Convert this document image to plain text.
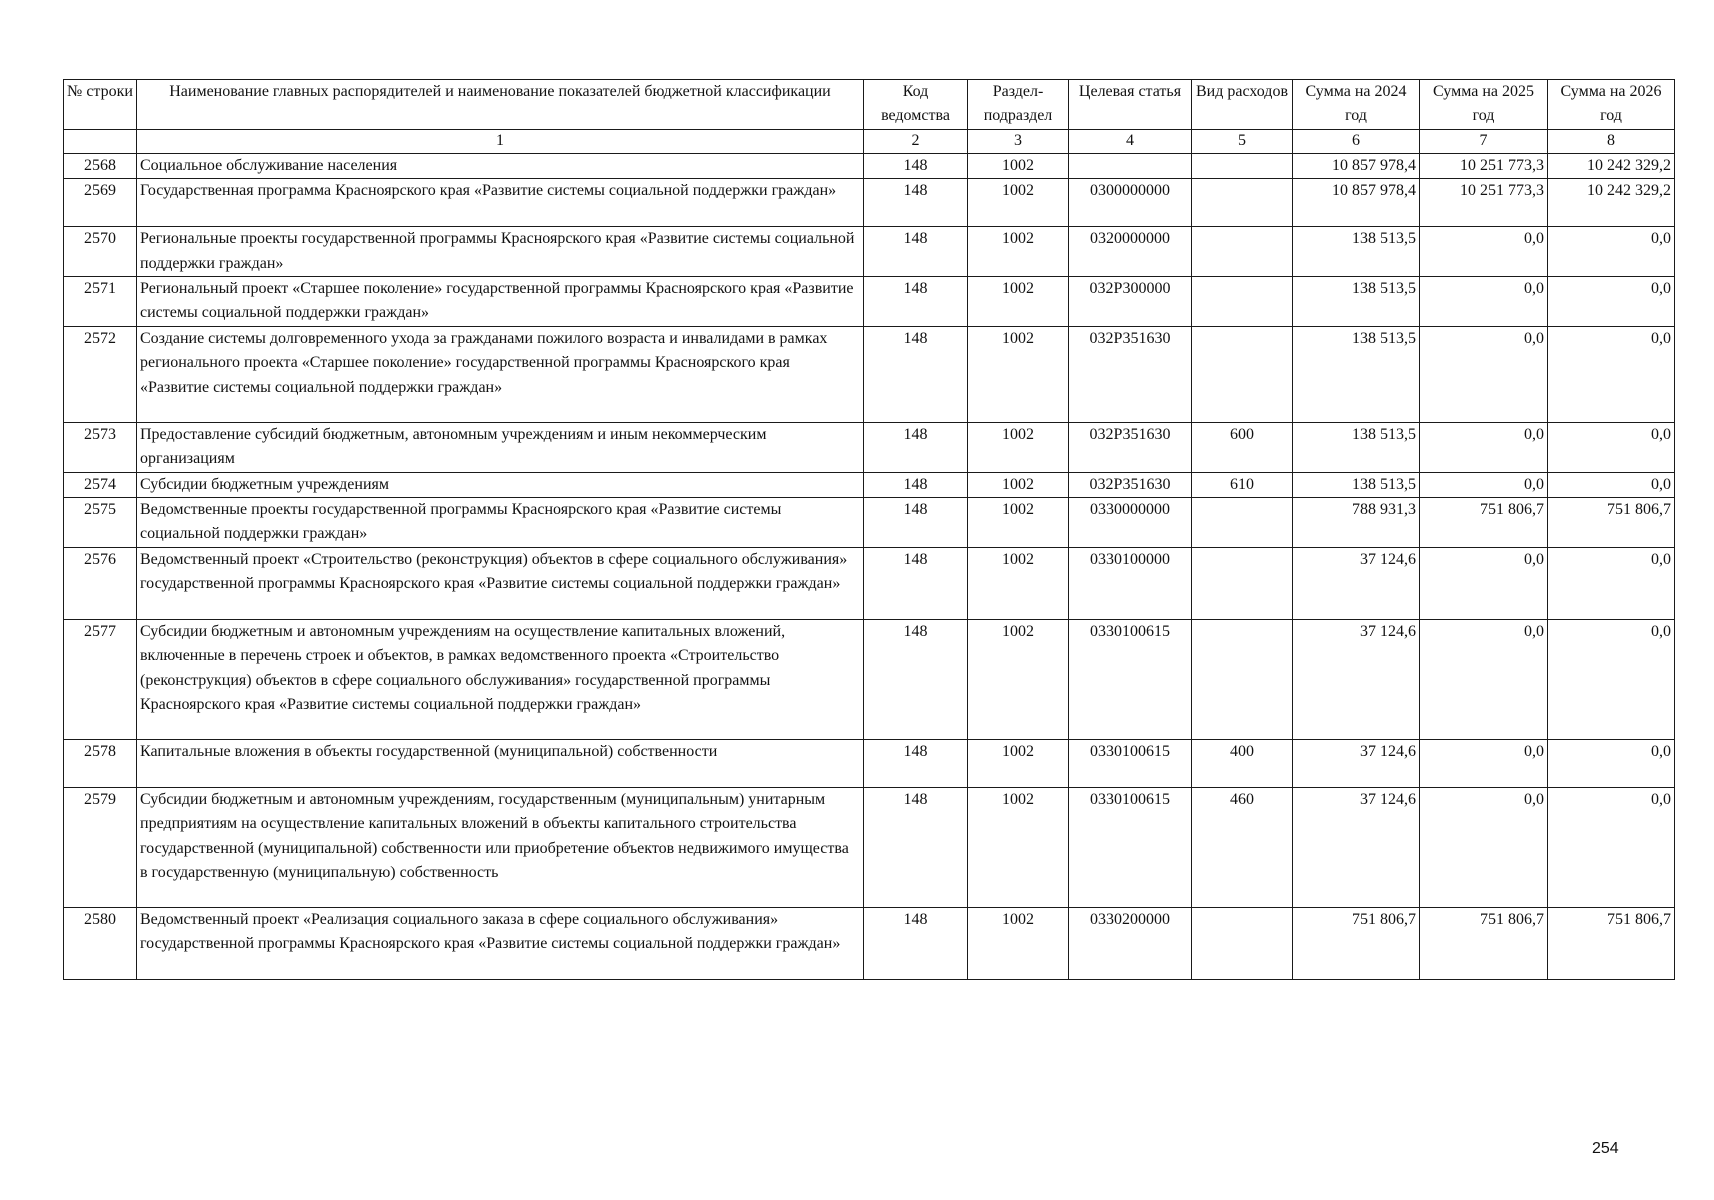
№ строки	Наименование главных распорядителей и наименование показателей бюджетной классификации	Код ведомства	Раздел-подраздел	Целевая статья	Вид расходов	Сумма на 2024 год	Сумма на 2025 год	Сумма на 2026 год
	1	2	3	4	5	6	7	8
2568	Социальное обслуживание населения	148	1002			10 857 978,4	10 251 773,3	10 242 329,2
2569	Государственная программа Красноярского края «Развитие системы социальной поддержки граждан»	148	1002	0300000000		10 857 978,4	10 251 773,3	10 242 329,2
2570	Региональные проекты государственной программы Красноярского края «Развитие системы социальной поддержки граждан»	148	1002	0320000000		138 513,5	0,0	0,0
2571	Региональный проект «Старшее поколение» государственной программы Красноярского края «Развитие системы социальной поддержки граждан»	148	1002	032P300000		138 513,5	0,0	0,0
2572	Создание системы долговременного ухода за гражданами пожилого возраста и инвалидами в рамках регионального проекта «Старшее поколение» государственной программы Красноярского края «Развитие системы социальной поддержки граждан»	148	1002	032P351630		138 513,5	0,0	0,0
2573	Предоставление субсидий бюджетным, автономным учреждениям и иным некоммерческим организациям	148	1002	032P351630	600	138 513,5	0,0	0,0
2574	Субсидии бюджетным учреждениям	148	1002	032P351630	610	138 513,5	0,0	0,0
2575	Ведомственные проекты государственной программы Красноярского края «Развитие системы социальной поддержки граждан»	148	1002	0330000000		788 931,3	751 806,7	751 806,7
2576	Ведомственный проект «Строительство (реконструкция) объектов в сфере социального обслуживания» государственной программы Красноярского края «Развитие системы социальной поддержки граждан»	148	1002	0330100000		37 124,6	0,0	0,0
2577	Субсидии бюджетным и автономным учреждениям на осуществление капитальных вложений, включенные в перечень строек и объектов, в рамках ведомственного проекта «Строительство (реконструкция) объектов в сфере социального обслуживания» государственной программы Красноярского края «Развитие системы социальной поддержки граждан»	148	1002	0330100615		37 124,6	0,0	0,0
2578	Капитальные вложения в объекты государственной (муниципальной) собственности	148	1002	0330100615	400	37 124,6	0,0	0,0
2579	Субсидии бюджетным и автономным учреждениям, государственным (муниципальным) унитарным предприятиям на осуществление капитальных вложений в объекты капитального строительства государственной (муниципальной) собственности или приобретение объектов недвижимого имущества в государственную (муниципальную) собственность	148	1002	0330100615	460	37 124,6	0,0	0,0
2580	Ведомственный проект «Реализация социального заказа в сфере социального обслуживания» государственной программы Красноярского края «Развитие системы социальной поддержки граждан»	148	1002	0330200000		751 806,7	751 806,7	751 806,7
254
